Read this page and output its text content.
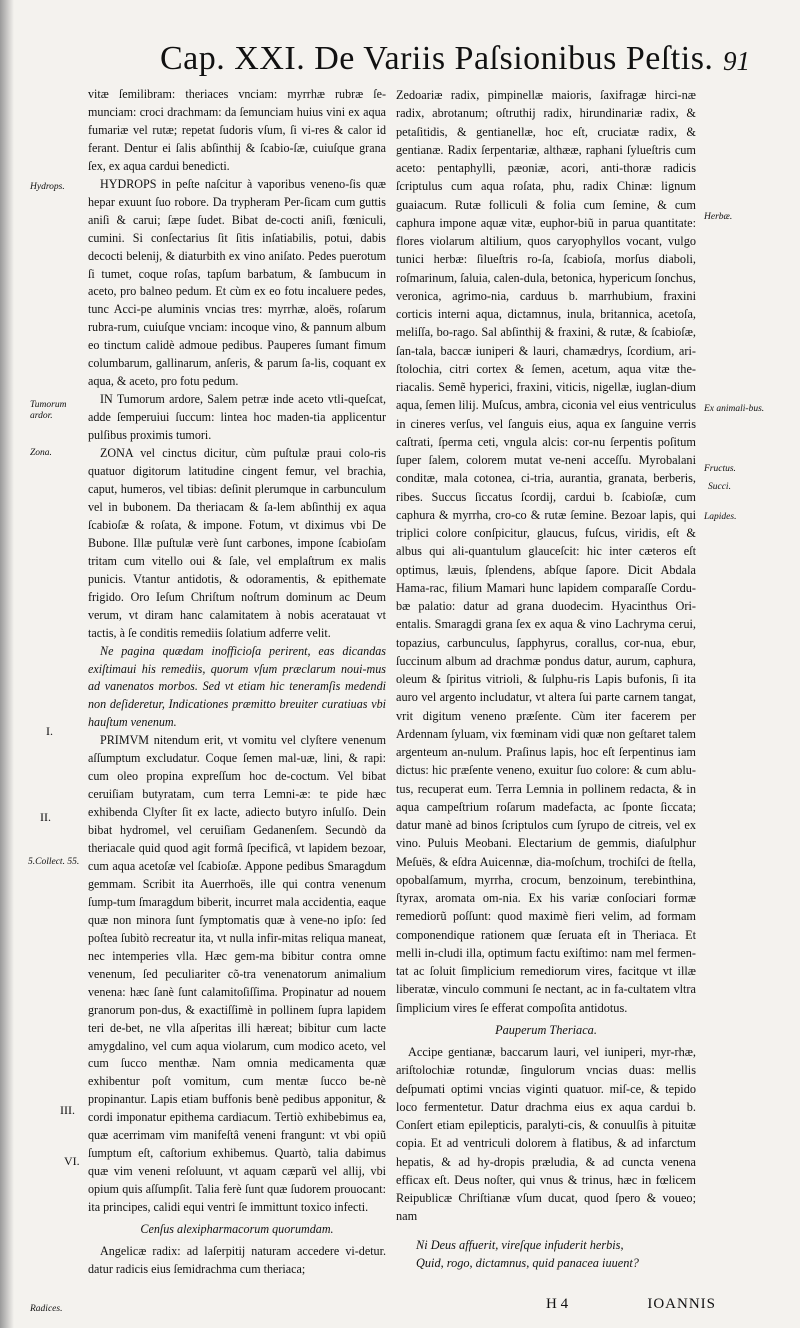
Cap. XXI. De Variis Paſsionibus Peſtis. 91
Hydrops.
Tumorum ardor.
Zona.
I.
II.
5.Collect. 55.
III.
VI.
Radices.
Herbæ.
Ex animali-bus.
Fructus.
Succi.
Lapides.

vitæ ſemilibram: theriaces vnciam: myrrhæ rubræ ſe-munciam: croci drachmam: da ſemunciam huius vini ex aqua fumariæ vel rutæ; repetat ſudoris vſum, ſi vi-res & calor id ferant. Dentur ei ſalis abſinthij & ſcabio-ſæ, cuiuſque grana ſex, ex aqua cardui benedicti.

HYDROPS in peſte naſcitur à vaporibus veneno-ſis quæ hepar exuunt ſuo robore. Da trypheram Per-ſicam cum guttis aniſi & carui; ſæpe ſudet. Bibat de-cocti aniſi, fœniculi, cumini. Si conſectarius ſit ſitis inſatiabilis, potui, dabis decocti belenij, & diaturbith ex vino aniſato. Pedes puerotum ſi tumet, coque roſas, tapſum barbatum, & ſambucum in aceto, pro balneo pedum. Et cùm ex eo fotu incaluere pedes, tunc Acci-pe aluminis vncias tres: myrrhæ, aloës, roſarum rubra-rum, cuiuſque vnciam: incoque vino, & pannum album eo tinctum calidè admoue pedibus. Pauperes ſumant fimum columbarum, gallinarum, anſeris, & parum ſa-lis, coquant ex aqua, & aceto, pro fotu pedum.

IN Tumorum ardore, Salem petræ inde aceto vtli-queſcat, adde ſemperuiui ſuccum: lintea hoc maden-tia applicentur pulſibus proximis tumori.

ZONA vel cinctus dicitur, cùm puſtulæ praui colo-ris quatuor digitorum latitudine cingent femur, vel brachia, caput, humeros, vel tibias: deſinit plerumque in carbunculum vel in bubonem. Da theriacam & ſa-lem abſinthij ex aqua ſcabioſæ & roſata, & impone. Fotum, vt diximus vbi De Bubone. Illæ puſtulæ verè ſunt carbones, impone ſcabioſam tritam cum vitello oui & ſale, vel emplaſtrum ex malis punicis. Vtantur antidotis, & odoramentis, & epithemate frigido. Oro Ieſum Chriſtum noſtrum dominum ac Deum verum, vt diram hanc calamitatem à nobis aceratauat vt tactis, à ſe conditis remediis ſolatium adferre velit.

Ne pagina quædam inofficioſa perirent, eas dicandas exiſtimaui his remediis, quorum vſum præclarum noui-mus ad vanenatos morbos. Sed vt etiam hic teneramſis medendi non deſideretur, Indicationes præmitto breuiter curatiuas vbi hauſtum venenum.

PRIMVM nitendum erit, vt vomitu vel clyſtere venenum aſſumptum excludatur. Coque ſemen mal-uæ, lini, & rapi: cum oleo propina expreſſum hoc de-coctum. Vel bibat ceruiſiam butyratam, cum terra Lemni-æ: te pide hæc exhibenda Clyſter ſit ex lacte, adiecto butyro inſulſo. Dein bibat hydromel, vel ceruiſiam Gedanenſem. Secundò da theriacale quid quod agit formâ ſpecificâ, vt lapidem bezoar, cum aqua acetoſæ vel ſcabioſæ. Appone pedibus Smaragdum gemmam. Scribit ita Auerrhoës, ille qui contra venenum ſump-tum ſmaragdum biberit, incurret mala accidentia, eaque quæ non minora ſunt ſymptomatis quæ à vene-no ipſo: ſed poſtea ſubitò recreatur ita, vt nulla infir-mitas reliqua maneat, nec intemperies vlla. Hæc gem-ma bibitur contra omne venenum, ſed peculiariter cõ-tra venenatorum animalium venena: hæc ſanè ſunt calamitoſiſſima. Propinatur ad nouem granorum pon-dus, & exactiſſimè in pollinem ſupra lapidem teri de-bet, ne vlla aſperitas illi hæreat; bibitur cum lacte amygdalino, vel cum aqua violarum, cum modico aceto, vel cum ſucco menthæ. Nam omnia medicamenta quæ exhibentur poſt vomitum, cum mentæ ſucco be-nè propinantur. Lapis etiam buffonis benè pedibus apponitur, & cordi imponatur epithema cardiacum. Tertiò exhibebimus ea, quæ acerrimam vim manifeſtâ veneni frangunt: vt vbi opiũ ſumptum eſt, caſtorium exhibemus. Quartò, talia dabimus quæ vim veneni reſoluunt, vt aquam cæparũ vel allij, vbi opium quis aſſumpſit. Talia ferè ſunt quæ ſudorem prouocant: ita principes, calidi equi ventri ſe immittunt toxico infecti.

Cenſus alexipharmacorum quorumdam.

Angelicæ radix: ad laſerpitij naturam accedere vi-detur. datur radicis eius ſemidrachma cum theriaca;

Zedoariæ radix, pimpinellæ maioris, ſaxifragæ hirci-næ radix, abrotanum; oſtruthij radix, hirundinariæ radix, & petaſitidis, & gentianellæ, hoc eſt, cruciatæ radix, & gentianæ. Radix ſerpentariæ, althææ, raphani ſylueſtris cum aceto: pentaphylli, pæoniæ, acori, anti-thoræ radicis ſcriptulus cum aqua roſata, phu, radix Chinæ: lignum guaiacum. Rutæ folliculi & folia cum ſemine, & cum caphura impone aquæ vitæ, euphor-biũ in parua quantitate: flores violarum altilium, quos caryophyllos vocant, vulgo tunici herbæ: ſilueſtris ro-ſa, ſcabioſa, morſus diaboli, roſmarinum, ſaluia, calen-dula, betonica, hypericum ſonchus, veronica, agrimo-nia, carduus b. marrhubium, fraxini corticis interni aqua, dictamnus, inula, britannica, acetoſa, meliſſa, bo-rago. Sal abſinthij & fraxini, & rutæ, & ſcabioſæ, ſan-tala, baccæ iuniperi & lauri, chamædrys, ſcordium, ari-ſtolochia, citri cortex & ſemen, acetum, aqua vitæ the-riacalis. Semẽ hyperici, fraxini, viticis, nigellæ, iuglan-dium aqua, ſemen lilij. Muſcus, ambra, ciconia vel eius ventriculus in cineres verſus, vel ſanguis eius, aqua ex ſanguine verris caſtrati, ſperma ceti, vngula alcis: cor-nu ſerpentis poſitum ſuper ſalem, colorem mutat ve-neni acceſſu. Myrobalani conditæ, mala cotonea, ci-tria, aurantia, granata, berberis, ribes. Succus ſiccatus ſcordij, cardui b. ſcabioſæ, cum caphura & myrrha, cro-co & rutæ ſemine. Bezoar lapis, qui triplici colore conſpicitur, glaucus, fuſcus, viridis, eſt & albus qui ali-quantulum glauceſcit: hic inter cæteros eſt optimus, læuis, ſplendens, abſque ſapore. Dicit Abdala Hama-rac, filium Mamari hunc lapidem comparaſſe Cordu-bæ palatio: datur ad grana duodecim. Hyacinthus Ori-entalis. Smaragdi grana ſex ex aqua & vino Lachryma cerui, topazius, carbunculus, ſapphyrus, corallus, cor-nua, ebur, ſuccinum album ad drachmæ pondus datur, aurum, caphura, oleum & ſpiritus vitrioli, & ſulphu-ris Lapis bufonis, ſi ita auro vel argento includatur, vt altera ſui parte carnem tangat, vrit digitum veneno præſente. Cùm iter facerem per Ardennam ſyluam, vix fœminam vidi quæ non geſtaret talem argenteum an-nulum. Praſinus lapis, hoc eſt ſerpentinus iam dictus: hic præſente veneno, exuitur ſuo colore: & cum ablu-tus, recuperat eum. Terra Lemnia in pollinem redacta, & in aqua campeſtrium roſarum madefacta, ac ſponte ſiccata; datur manè ad binos ſcriptulos cum ſyrupo de citreis, vel ex vino. Puluis Meobani. Electarium de gemmis, diaſulphur Meſuës, & eſdra Auicennæ, dia-moſchum, trochiſci de ſtella, opobalſamum, myrrha, crocum, benzoinum, terebinthina, ſtyrax, aromata om-nia. Ex his variæ conſociari formæ remediorũ poſſunt: quod maximè fieri velim, ad formam componendique rationem quæ ſeruata eſt in Theriaca. Et melli in-cludi illa, optimum factu exiſtimo: nam mel fermen-tat ac ſoluit ſimplicium remediorum vires, facitque vt illæ liberatæ, vinculo communi ſe nectant, ac in fa-cultatem vltra ſimplicium vires ſe efferat compoſita antidotus.

Pauperum Theriaca.

Accipe gentianæ, baccarum lauri, vel iuniperi, myr-rhæ, ariſtolochiæ rotundæ, ſingulorum vncias duas: mellis deſpumati optimi vncias viginti quatuor. miſ-ce, & tepido loco fermentetur. Datur drachma eius ex aqua cardui b. Conſert etiam epilepticis, paralyti-cis, & conuulſis à pituitæ copia. Et ad ventriculi dolorem à flatibus, & ad infarctum hepatis, & ad hy-dropis præludia, & ad cuncta venena efficax eſt. Deus noſter, qui vnus & trinus, hæc in fœlicem Reipublicæ Chriſtianæ vſum ducat, quod ſpero & voueo; nam

Ni Deus affuerit, vireſque infuderit herbis,
Quid, rogo, dictamnus, quid panacea iuuent?
H 4	IOANNIS
